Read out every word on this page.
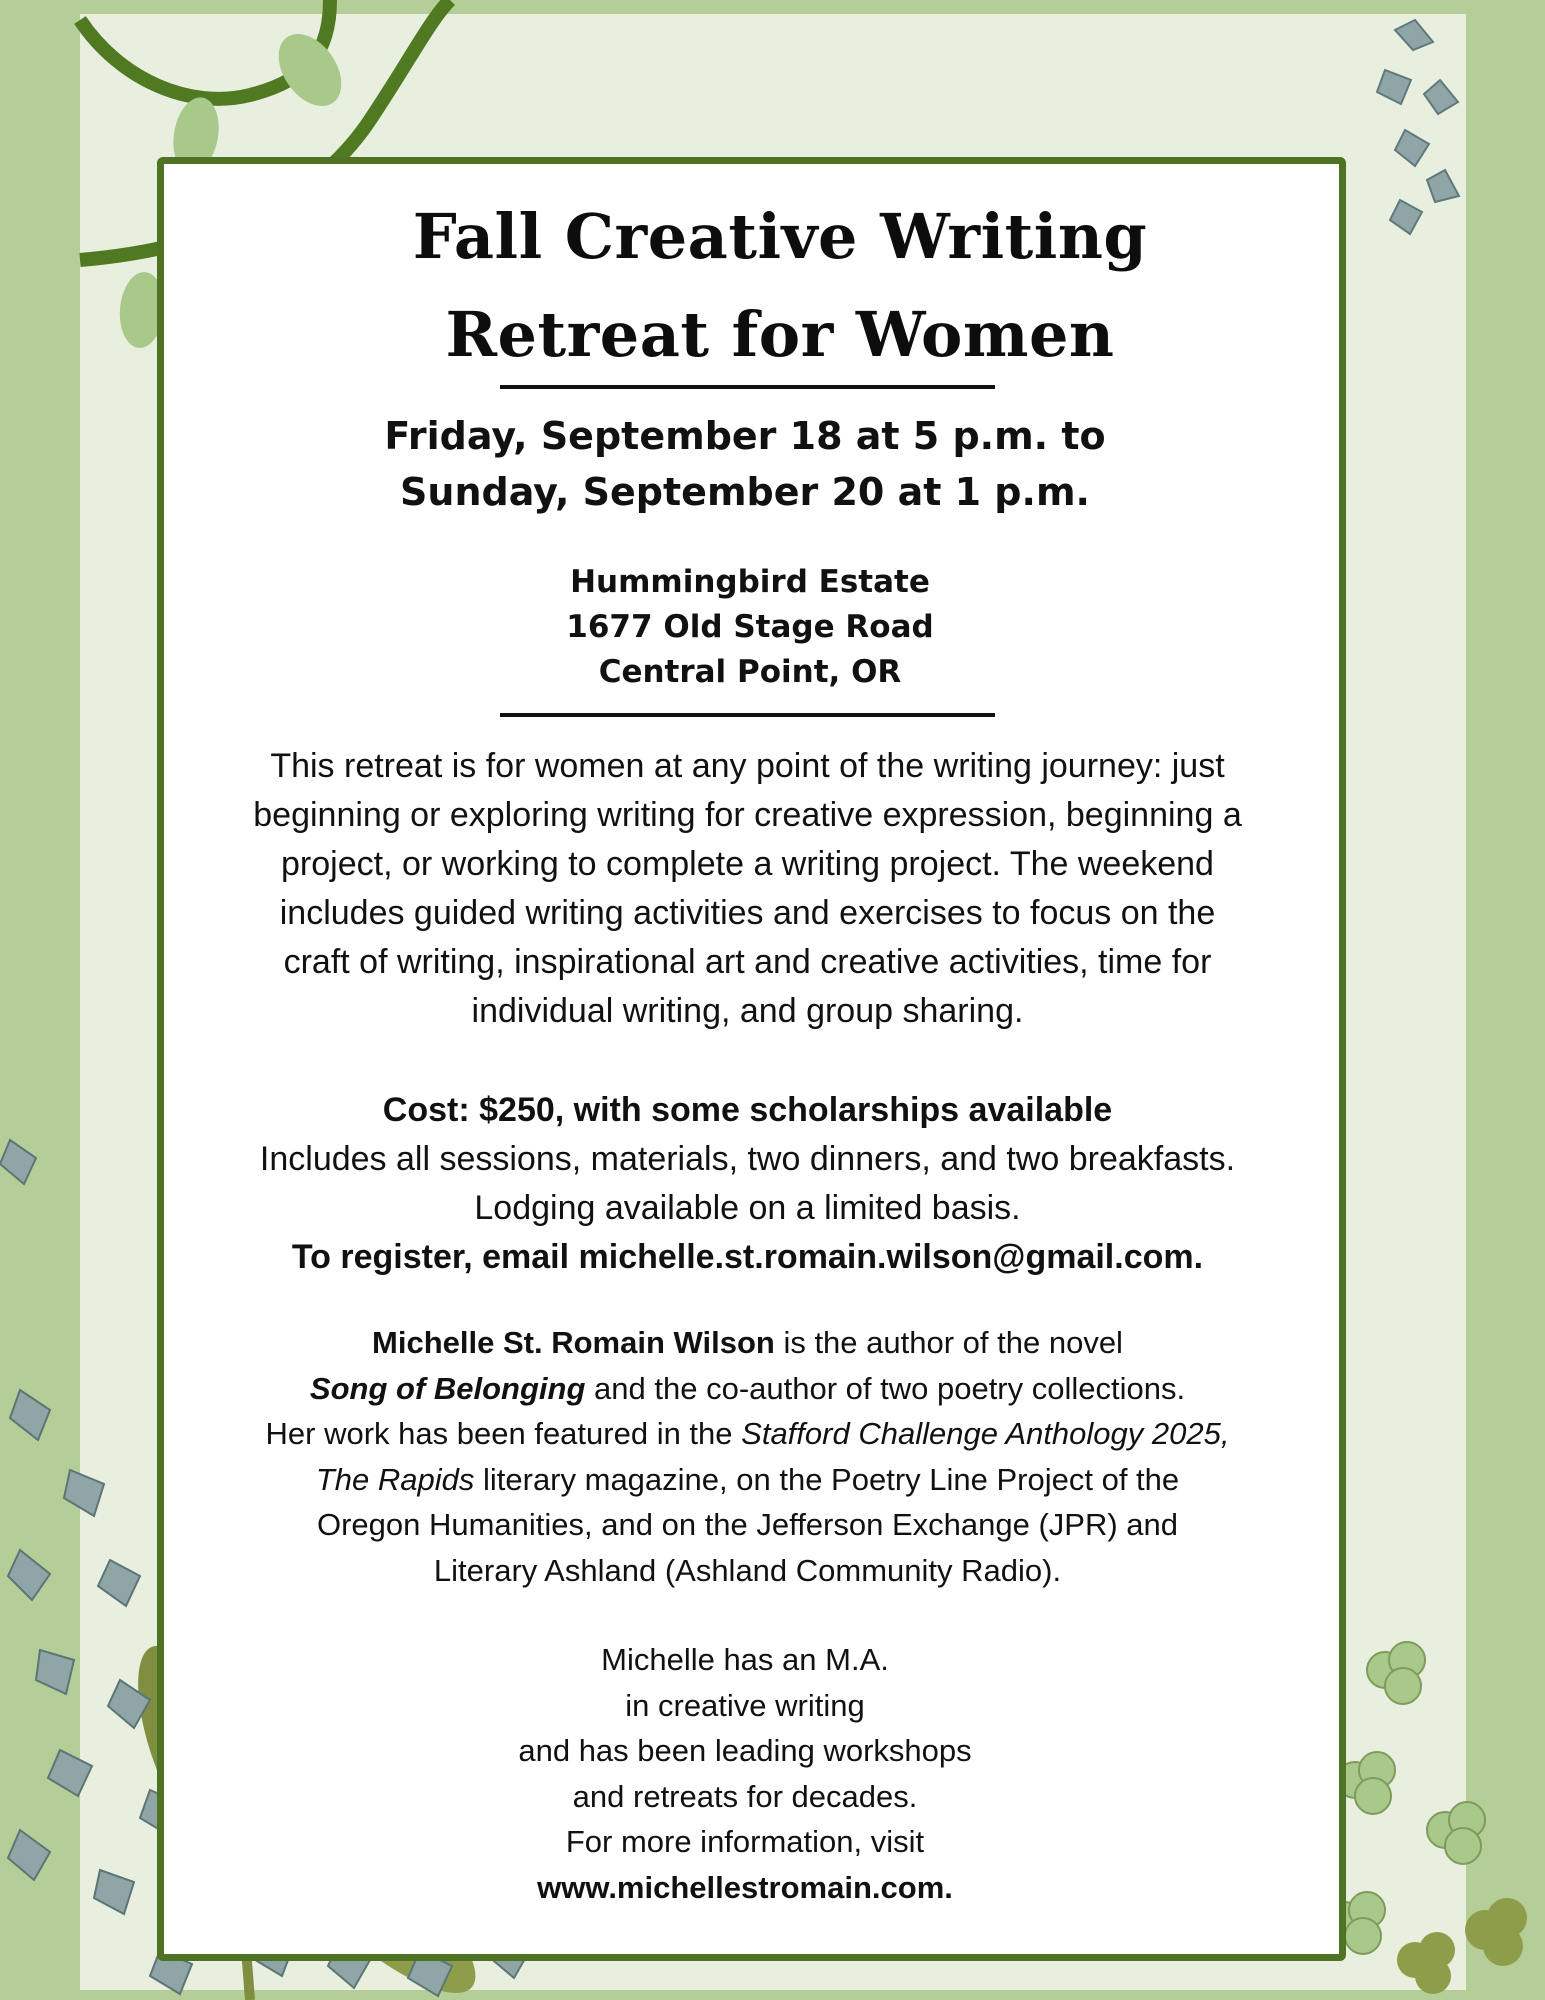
Fall Creative Writing
Retreat for Women
Friday, September 18 at 5 p.m. to
Sunday, September 20 at 1 p.m.
Hummingbird Estate
1677 Old Stage Road
Central Point, OR
This retreat is for women at any point of the writing journey: just
beginning or exploring writing for creative expression, beginning a
project, or working to complete a writing project. The weekend
includes guided writing activities and exercises to focus on the
craft of writing, inspirational art and creative activities, time for
individual writing, and group sharing.
Cost: $250, with some scholarships available
Includes all sessions, materials, two dinners, and two breakfasts.
Lodging available on a limited basis.
To register, email michelle.st.romain.wilson@gmail.com.
Michelle St. Romain Wilson is the author of the novel
Song of Belonging and the co-author of two poetry collections.
Her work has been featured in the Stafford Challenge Anthology 2025,
The Rapids literary magazine, on the Poetry Line Project of the
Oregon Humanities, and on the Jefferson Exchange (JPR) and
Literary Ashland (Ashland Community Radio).
Michelle has an M.A.
in creative writing
and has been leading workshops
and retreats for decades.
For more information, visit
www.michellestromain.com.
